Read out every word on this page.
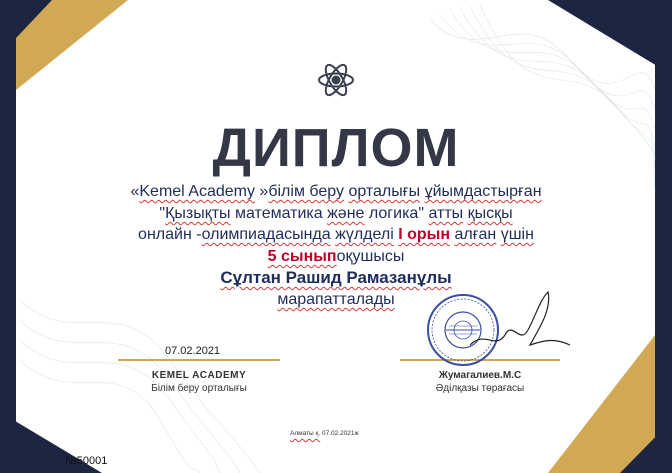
ДИПЛОМ
«Kemel Academy »білім беру орталығы ұйымдастырған
"Қызықты математика және логика" атты қысқы
онлайн -олимпиадасында жүлделі I орын алған үшін
5 сыныпоқушысы
Сұлтан Рашид Рамазанұлы
марапатталады
07.02.2021
KEMEL ACADEMY
Білім беру орталығы
Жумагалиев.М.С
Әділқазы төрағасы
Алматы қ. 07.02.2021ж
№50001
